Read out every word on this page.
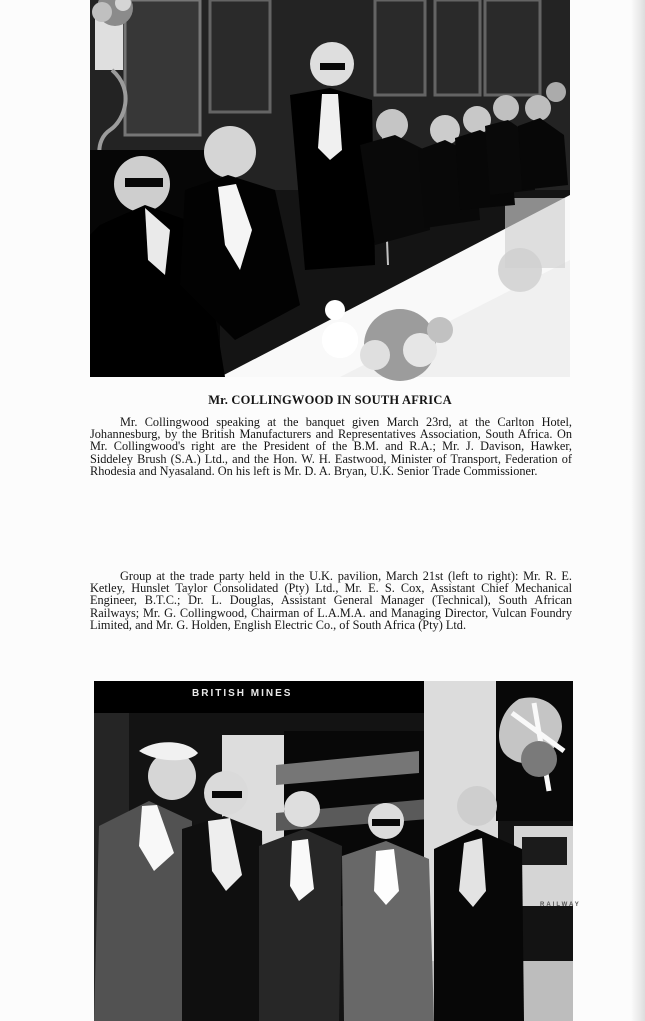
Mr. COLLINGWOOD IN SOUTH AFRICA

Mr. Collingwood speaking at the banquet given March 23rd, at the Carlton Hotel, Johannesburg, by the British Manufacturers and Representatives Association, South Africa. On Mr. Collingwood's right are the President of the B.M. and R.A.; Mr. J. Davison, Hawker, Siddeley Brush (S.A.) Ltd., and the Hon. W. H. Eastwood, Minister of Transport, Federation of Rhodesia and Nyasaland. On his left is Mr. D. A. Bryan, U.K. Senior Trade Commissioner.

Group at the trade party held in the U.K. pavilion, March 21st (left to right): Mr. R. E. Ketley, Hunslet Taylor Consolidated (Pty) Ltd., Mr. E. S. Cox, Assistant Chief Mechanical Engineer, B.T.C.; Dr. L. Douglas, Assistant General Manager (Technical), South African Railways; Mr. G. Collingwood, Chairman of L.A.M.A. and Managing Director, Vulcan Foundry Limited, and Mr. G. Holden, English Electric Co., of South Africa (Pty) Ltd.

BRITISH MINES
RAILWAY
